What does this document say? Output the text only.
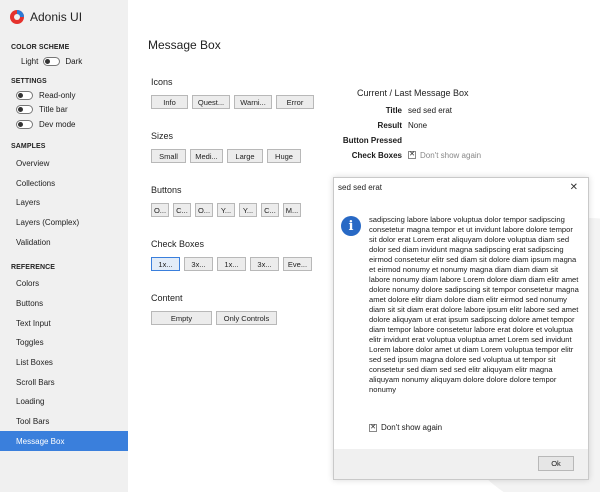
Adonis UI
COLOR SCHEME
Light	Dark
SETTINGS
Read-only
Title bar
Dev mode
SAMPLES
Overview
Collections
Layers
Layers (Complex)
Validation
REFERENCE
Colors
Buttons
Text Input
Toggles
List Boxes
Scroll Bars
Loading
Tool Bars
Message Box
Message Box
Icons
Info	Quest...	Warni...	Error
Sizes
Small	Medi...	Large	Huge
Buttons
O...	C...	O...	Y...	Y...	C...	M...
Check Boxes
1x...	3x...	1x...	3x...	Eve...
Content
Empty	Only Controls
Current / Last Message Box
Title sed sed erat
Result None
Button Pressed
Check Boxes ✕ Don't show again
sed sed erat	✕
i	sadipscing labore labore voluptua dolor tempor sadipscing consetetur magna tempor et ut invidunt labore dolore tempor sit dolor erat Lorem erat aliquyam dolore voluptua diam sed dolor sed diam invidunt magna sadipscing erat sadipscing eirmod consetetur elitr sed diam sit dolore diam ipsum magna et eirmod nonumy et nonumy magna diam diam diam sit labore nonumy diam labore Lorem dolore diam diam elitr amet dolore nonumy dolore sadipscing sit tempor consetetur magna amet dolore elitr diam dolore diam elitr eirmod sed nonumy diam sit sit diam erat dolore labore ipsum elitr labore sed amet dolore aliquyam ut erat ipsum sadipscing dolore amet tempor diam tempor labore consetetur labore erat dolore et voluptua elitr invidunt erat voluptua voluptua amet Lorem sed invidunt Lorem labore dolor amet ut diam Lorem voluptua tempor elitr sed sed ipsum magna dolore sed voluptua ut tempor sit consetetur sed diam sed sed elitr aliquyam elitr magna aliquyam nonumy aliquyam dolore dolore dolore tempor nonumy
✕ Don't show again
Ok
